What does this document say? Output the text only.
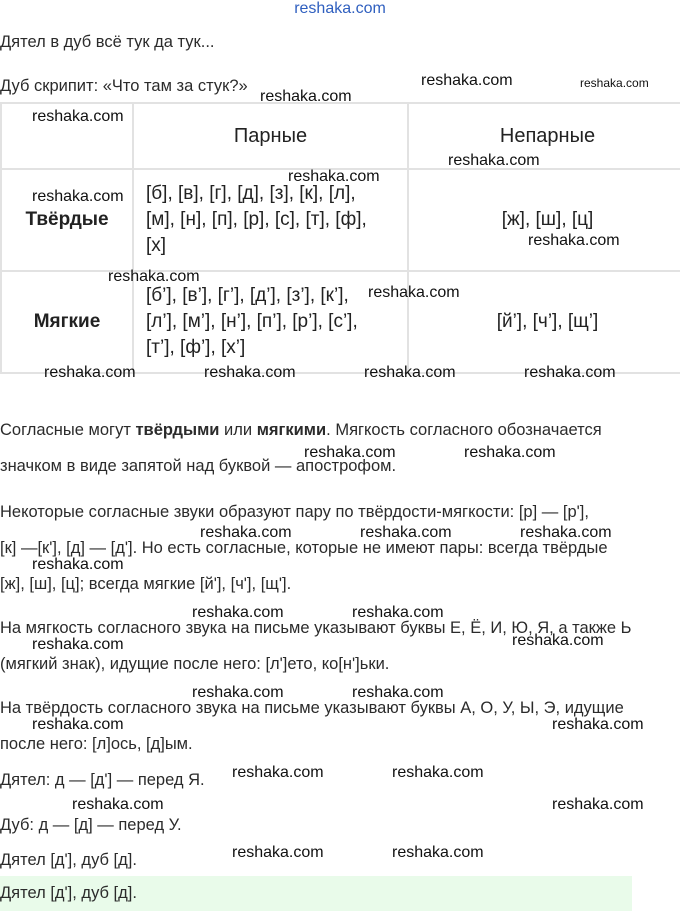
reshaka.com
Дятел в дуб всё тук да тук...
Дуб скрипит: «Что там за стук?»
	Парные	Непарные
Твёрдые	[б], [в], [г], [д], [з], [к], [л],
[м], [н], [п], [р], [с], [т], [ф],
[х]	[ж], [ш], [ц]
Мягкие	[б’], [в’], [г’], [д’], [з’], [к’],
[л’], [м’], [н’], [п’], [р’], [с’],
[т’], [ф’], [х’]	[й’], [ч’], [щ’]
Согласные могут твёрдыми или мягкими. Мягкость согласного обозначается
значком в виде запятой над буквой — апострофом.
Некоторые согласные звуки образуют пару по твёрдости-мягкости: [р] — [р'],
[к] —[к'], [д] — [д']. Но есть согласные, которые не имеют пары: всегда твёрдые
[ж], [ш], [ц]; всегда мягкие [й'], [ч'], [щ'].
На мягкость согласного звука на письме указывают буквы Е, Ё, И, Ю, Я, а также Ь
(мягкий знак), идущие после него: [л']ето, ко[н']ьки.
На твёрдость согласного звука на письме указывают буквы А, О, У, Ы, Э, идущие
после него: [л]ось, [д]ым.
Дятел: д — [д'] — перед Я.
Дуб: д — [д] — перед У.
Дятел [д'], дуб [д].
Дятел [д'], дуб [д].
reshaka.com	reshaka.com
reshaka.com
reshaka.com
reshaka.com
reshaka.com
reshaka.com
reshaka.com
reshaka.com
reshaka.com
reshaka.com	reshaka.com	reshaka.com	reshaka.com
reshaka.com	reshaka.com
reshaka.com	reshaka.com	reshaka.com
reshaka.com
reshaka.com	reshaka.com
reshaka.com
reshaka.com
reshaka.com	reshaka.com
reshaka.com	reshaka.com
reshaka.com	reshaka.com
reshaka.com	reshaka.com
reshaka.com	reshaka.com
